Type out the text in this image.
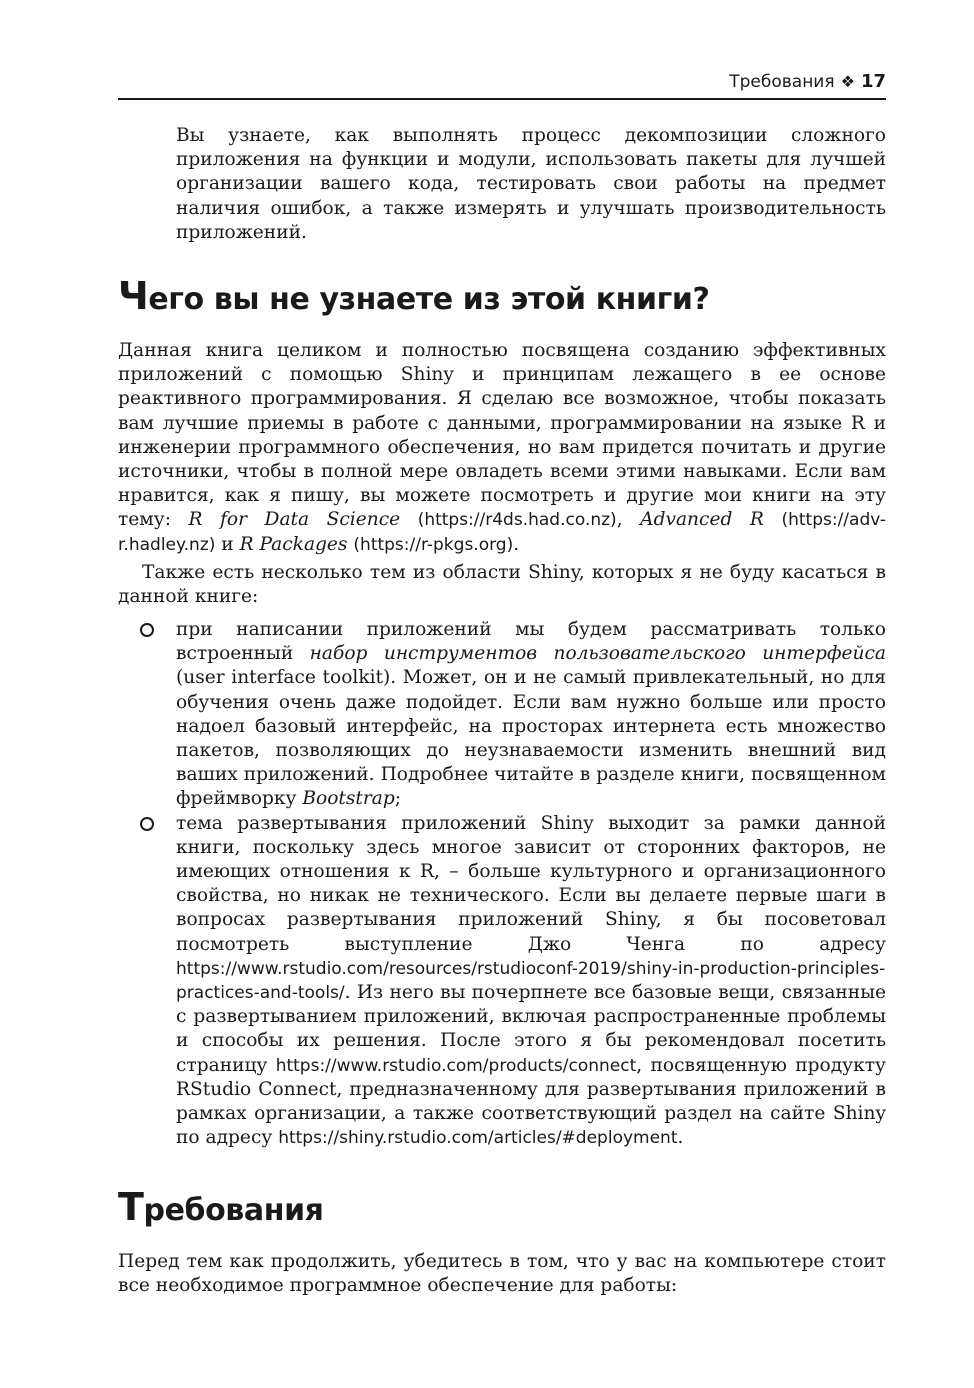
Требования ❖ 17

Вы узнаете, как выполнять процесс декомпозиции сложного приложения на функции и модули, использовать пакеты для лучшей организации вашего кода, тестировать свои работы на предмет наличия ошибок, а также измерять и улучшать производительность приложений.

Чего вы не узнаете из этой книги?

Данная книга целиком и полностью посвящена созданию эффективных приложений с помощью Shiny и принципам лежащего в ее основе реактивного программирования. Я сделаю все возможное, чтобы показать вам лучшие приемы в работе с данными, программировании на языке R и инженерии программного обеспечения, но вам придется почитать и другие источники, чтобы в полной мере овладеть всеми этими навыками. Если вам нравится, как я пишу, вы можете посмотреть и другие мои книги на эту тему: R for Data Science (https://r4ds.had.co.nz), Advanced R (https://adv-r.hadley.nz) и R Packages (https://r-pkgs.org).

Также есть несколько тем из области Shiny, которых я не буду касаться в данной книге:

при написании приложений мы будем рассматривать только встроенный набор инструментов пользовательского интерфейса (user interface toolkit). Может, он и не самый привлекательный, но для обучения очень даже подойдет. Если вам нужно больше или просто надоел базовый интерфейс, на просторах интернета есть множество пакетов, позволяющих до неузнаваемости изменить внешний вид ваших приложений. Подробнее читайте в разделе книги, посвященном фреймворку Bootstrap;
тема развертывания приложений Shiny выходит за рамки данной книги, поскольку здесь многое зависит от сторонних факторов, не имеющих отношения к R, – больше культурного и организационного свойства, но никак не технического. Если вы делаете первые шаги в вопросах развертывания приложений Shiny, я бы посоветовал посмотреть выступление Джо Ченга по адресу https://www.rstudio.com/resources/rstudioconf-2019/shiny-in-production-principles-practices-and-tools/. Из него вы почерпнете все базовые вещи, связанные с развертыванием приложений, включая распространенные проблемы и способы их решения. После этого я бы рекомендовал посетить страницу https://www.rstudio.com/products/connect, посвященную продукту RStudio Connect, предназначенному для развертывания приложений в рамках организации, а также соответствующий раздел на сайте Shiny по адресу https://shiny.rstudio.com/articles/#deployment.
Требования

Перед тем как продолжить, убедитесь в том, что у вас на компьютере стоит все необходимое программное обеспечение для работы:
